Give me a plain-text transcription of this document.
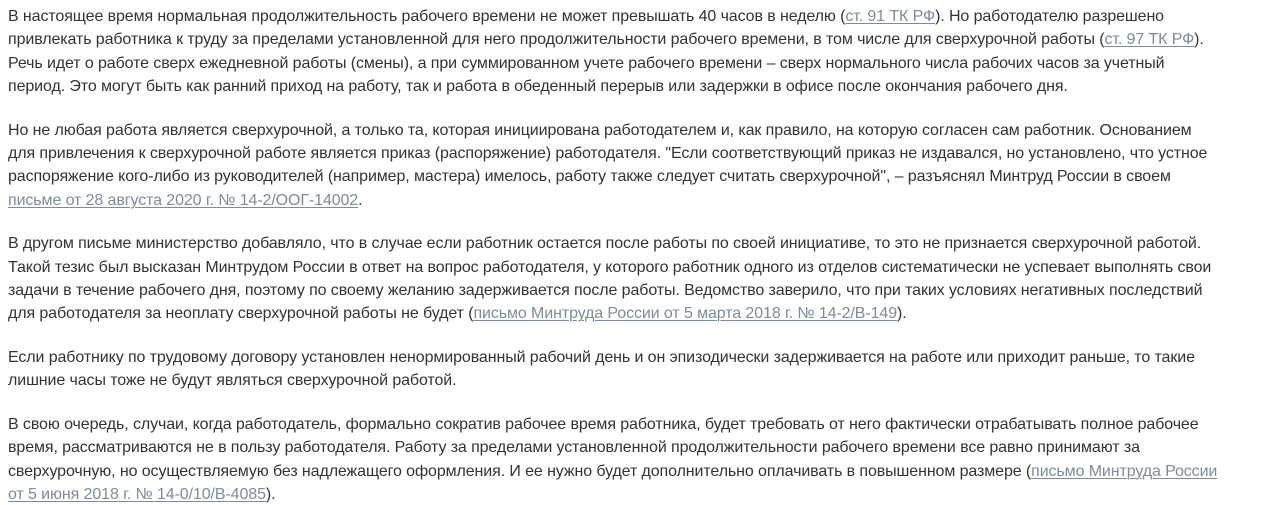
В настоящее время нормальная продолжительность рабочего времени не может превышать 40 часов в неделю (ст. 91 ТК РФ). Но работодателю разрешено привлекать работника к труду за пределами установленной для него продолжительности рабочего времени, в том числе для сверхурочной работы (ст. 97 ТК РФ). Речь идет о работе сверх ежедневной работы (смены), а при суммированном учете рабочего времени – сверх нормального числа рабочих часов за учетный период. Это могут быть как ранний приход на работу, так и работа в обеденный перерыв или задержки в офисе после окончания рабочего дня.

Но не любая работа является сверхурочной, а только та, которая инициирована работодателем и, как правило, на которую согласен сам работник. Основанием для привлечения к сверхурочной работе является приказ (распоряжение) работодателя. "Если соответствующий приказ не издавался, но установлено, что устное распоряжение кого-либо из руководителей (например, мастера) имелось, работу также следует считать сверхурочной", – разъяснял Минтруд России в своем письме от 28 августа 2020 г. № 14-2/ООГ-14002.

В другом письме министерство добавляло, что в случае если работник остается после работы по своей инициативе, то это не признается сверхурочной работой. Такой тезис был высказан Минтрудом России в ответ на вопрос работодателя, у которого работник одного из отделов систематически не успевает выполнять свои задачи в течение рабочего дня, поэтому по своему желанию задерживается после работы. Ведомство заверило, что при таких условиях негативных последствий для работодателя за неоплату сверхурочной работы не будет (письмо Минтруда России от 5 марта 2018 г. № 14-2/В-149).

Если работнику по трудовому договору установлен ненормированный рабочий день и он эпизодически задерживается на работе или приходит раньше, то такие лишние часы тоже не будут являться сверхурочной работой.

В свою очередь, случаи, когда работодатель, формально сократив рабочее время работника, будет требовать от него фактически отрабатывать полное рабочее время, рассматриваются не в пользу работодателя. Работу за пределами установленной продолжительности рабочего времени все равно принимают за сверхурочную, но осуществляемую без надлежащего оформления. И ее нужно будет дополнительно оплачивать в повышенном размере (письмо Минтруда России от 5 июня 2018 г. № 14-0/10/В-4085).
